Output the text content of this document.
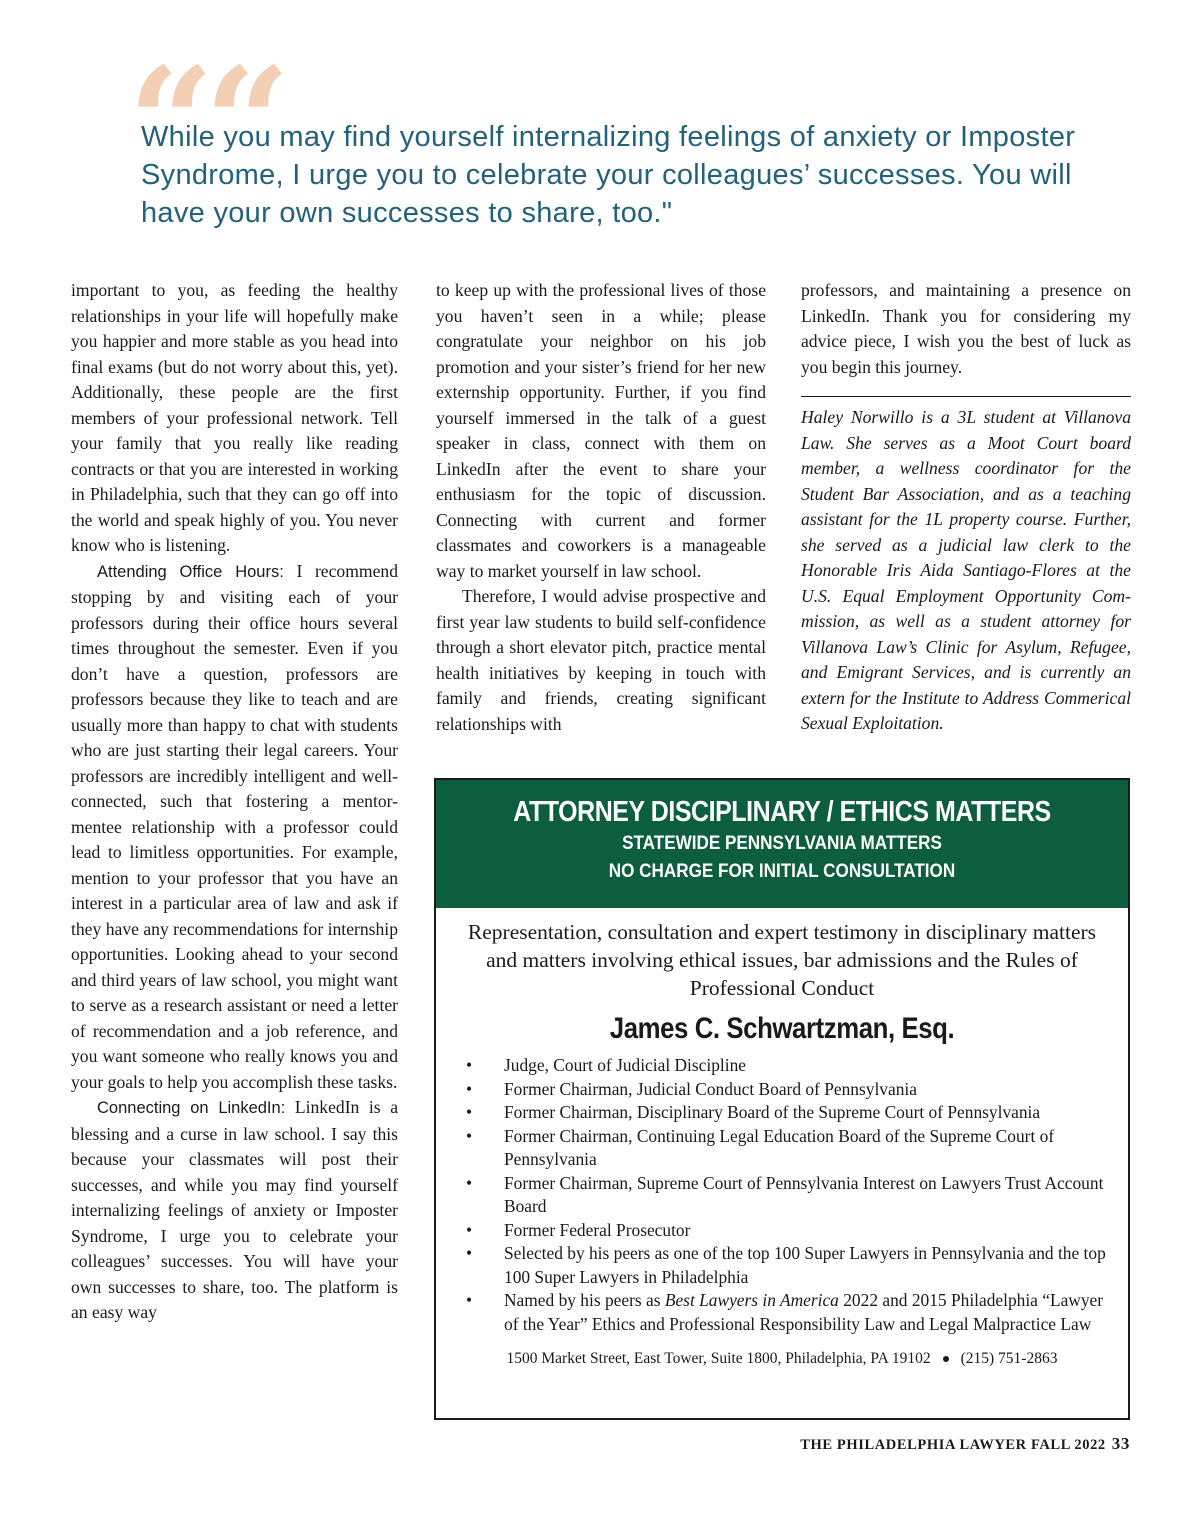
““

While you may find yourself internalizing feelings of anxiety or Imposter Syndrome, I urge you to celebrate your colleagues’ successes. You will have your own successes to share, too."

important to you, as feeding the healthy relationships in your life will hopefully make you happier and more stable as you head into final exams (but do not worry about this, yet). Additionally, these people are the first members of your professional network. Tell your family that you really like reading contracts or that you are interested in working in Philadelphia, such that they can go off into the world and speak highly of you. You never know who is listening.

Attending Office Hours: I recommend stopping by and visiting each of your professors during their office hours several times throughout the semester. Even if you don’t have a question, professors are professors because they like to teach and are usually more than happy to chat with students who are just starting their legal careers. Your professors are incredibly intelligent and well-connected, such that fostering a mentor-mentee relationship with a professor could lead to limitless opportunities. For example, mention to your professor that you have an interest in a particular area of law and ask if they have any recommendations for internship opportunities. Looking ahead to your second and third years of law school, you might want to serve as a research assistant or need a letter of recommendation and a job reference, and you want someone who really knows you and your goals to help you accomplish these tasks.

Connecting on LinkedIn: LinkedIn is a blessing and a curse in law school. I say this because your classmates will post their successes, and while you may find yourself internalizing feelings of anxiety or Imposter Syndrome, I urge you to celebrate your colleagues’ successes. You will have your own successes to share, too. The platform is an easy way

to keep up with the professional lives of those you haven’t seen in a while; please congratulate your neighbor on his job promotion and your sister’s friend for her new externship opportunity. Further, if you find yourself immersed in the talk of a guest speaker in class, connect with them on LinkedIn after the event to share your enthusiasm for the topic of discussion. Connecting with current and former classmates and coworkers is a manageable way to market yourself in law school.

Therefore, I would advise prospective and first year law students to build self-confidence through a short elevator pitch, practice mental health initiatives by keeping in touch with family and friends, creating significant relationships with

professors, and maintaining a presence on LinkedIn. Thank you for considering my advice piece, I wish you the best of luck as you begin this journey.

Haley Norwillo is a 3L student at Villanova Law. She serves as a Moot Court board member, a wellness coordinator for the Student Bar Association, and as a teaching assistant for the 1L property course. Further, she served as a judicial law clerk to the Honorable Iris Aida Santiago-Flores at the U.S. Equal Employment Opportunity Commission, as well as a student attorney for Villanova Law’s Clinic for Asylum, Refugee, and Emigrant Services, and is currently an extern for the Institute to Address Commerical Sexual Exploitation.

ATTORNEY DISCIPLINARY / ETHICS MATTERS
STATEWIDE PENNSYLVANIA MATTERS
NO CHARGE FOR INITIAL CONSULTATION
Representation, consultation and expert testimony in disciplinary matters and matters involving ethical issues, bar admissions and the Rules of Professional Conduct
James C. Schwartzman, Esq.
• Judge, Court of Judicial Discipline
• Former Chairman, Judicial Conduct Board of Pennsylvania
• Former Chairman, Disciplinary Board of the Supreme Court of Pennsylvania
• Former Chairman, Continuing Legal Education Board of the Supreme Court of Pennsylvania
• Former Chairman, Supreme Court of Pennsylvania Interest on Lawyers Trust Account Board
• Former Federal Prosecutor
• Selected by his peers as one of the top 100 Super Lawyers in Pennsylvania and the top 100 Super Lawyers in Philadelphia
• Named by his peers as Best Lawyers in America 2022 and 2015 Philadelphia “Lawyer of the Year” Ethics and Professional Responsibility Law and Legal Malpractice Law
1500 Market Street, East Tower, Suite 1800, Philadelphia, PA 19102 (215) 751-2863
THE PHILADELPHIA LAWYER FALL 2022 33
